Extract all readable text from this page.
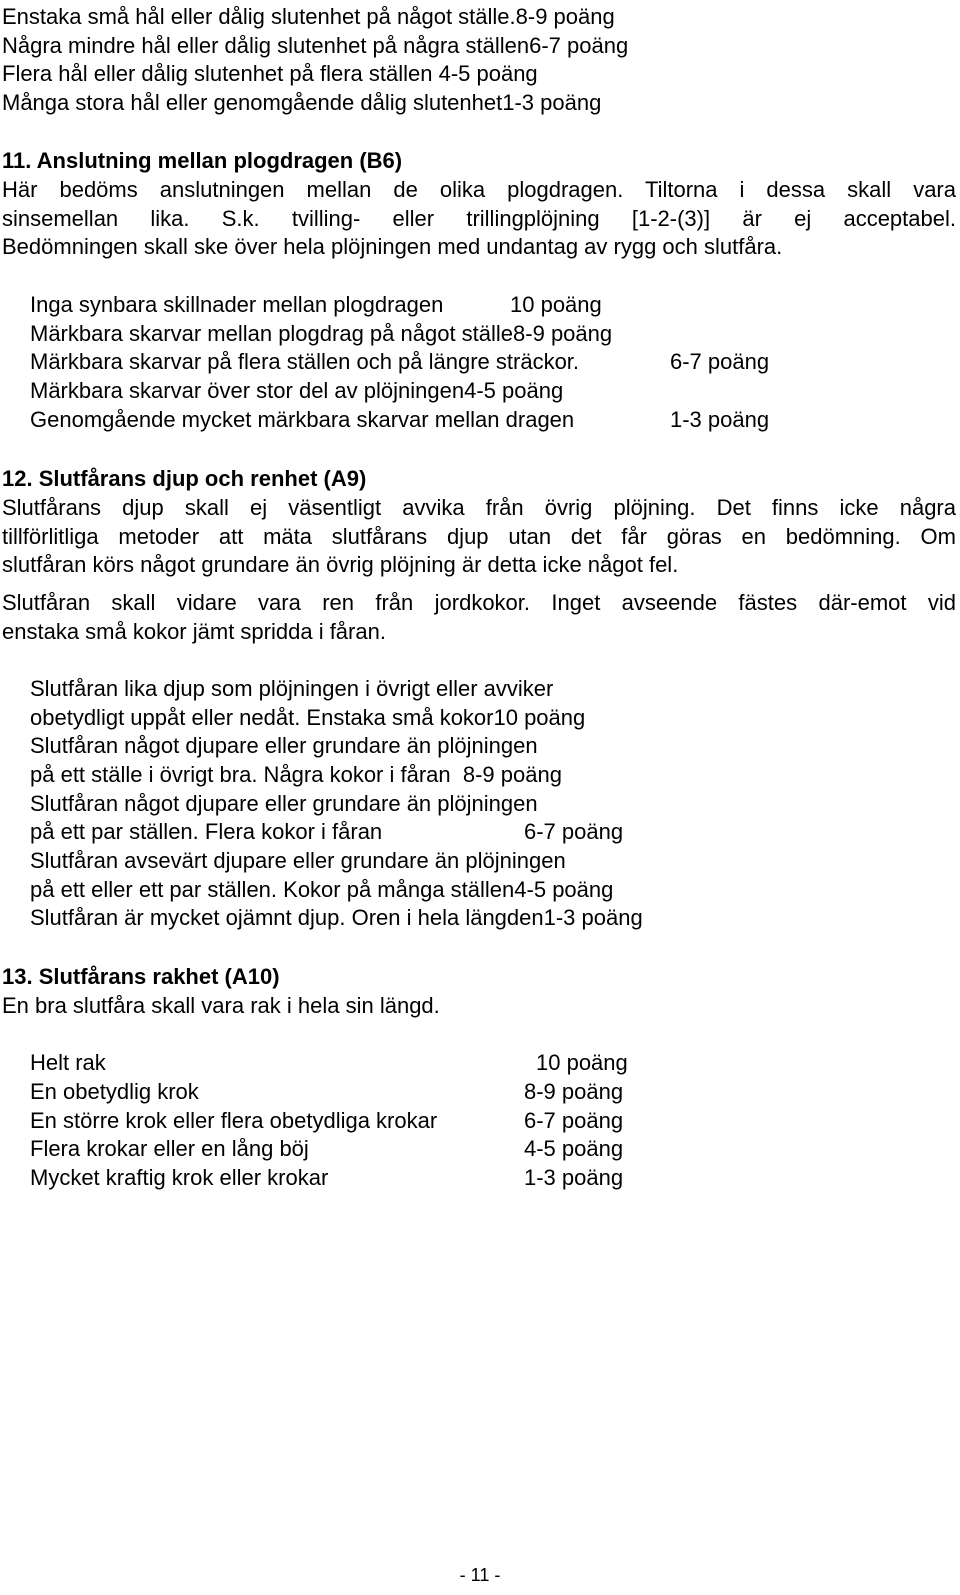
Enstaka små hål eller dålig slutenhet på något ställe.8-9 poäng
Några mindre hål eller dålig slutenhet på några ställen6-7 poäng
Flera hål eller dålig slutenhet på flera ställen 4-5 poäng
Många stora hål eller genomgående dålig slutenhet1-3 poäng
11. Anslutning mellan plogdragen (B6)
Här bedöms anslutningen mellan de olika plogdragen. Tiltorna i dessa skall vara
sinsemellan lika. S.k. tvilling- eller trillingplöjning [1-2-(3)] är ej acceptabel.
Bedömningen skall ske över hela plöjningen med undantag av rygg och slutfåra.
Inga synbara skillnader mellan plogdragen	10 poäng
Märkbara skarvar mellan plogdrag på något ställe8-9 poäng
Märkbara skarvar på flera ställen och på längre sträckor.	6-7 poäng
Märkbara skarvar över stor del av plöjningen4-5 poäng
Genomgående mycket märkbara skarvar mellan dragen	1-3 poäng
12. Slutfårans djup och renhet (A9)
Slutfårans djup skall ej väsentligt avvika från övrig plöjning. Det finns icke några
tillförlitliga metoder att mäta slutfårans djup utan det får göras en bedömning. Om
slutfåran körs något grundare än övrig plöjning är detta icke något fel.
Slutfåran skall vidare vara ren från jordkokor. Inget avseende fästes där-emot vid
enstaka små kokor jämt spridda i fåran.
Slutfåran lika djup som plöjningen i övrigt eller avviker
obetydligt uppåt eller nedåt. Enstaka små kokor10 poäng
Slutfåran något djupare eller grundare än plöjningen
på ett ställe i övrigt bra. Några kokor i fåran  8-9 poäng
Slutfåran något djupare eller grundare än plöjningen
på ett par ställen. Flera kokor i fåran	6-7 poäng
Slutfåran avsevärt djupare eller grundare än plöjningen
på ett eller ett par ställen. Kokor på många ställen4-5 poäng
Slutfåran är mycket ojämnt djup. Oren i hela längden1-3 poäng
13. Slutfårans rakhet (A10)
En bra slutfåra skall vara rak i hela sin längd.
Helt rak	10 poäng
En obetydlig krok	8-9 poäng
En större krok eller flera obetydliga krokar	6-7 poäng
Flera krokar eller en lång böj	4-5 poäng
Mycket kraftig krok eller krokar	1-3 poäng
- 11 -
